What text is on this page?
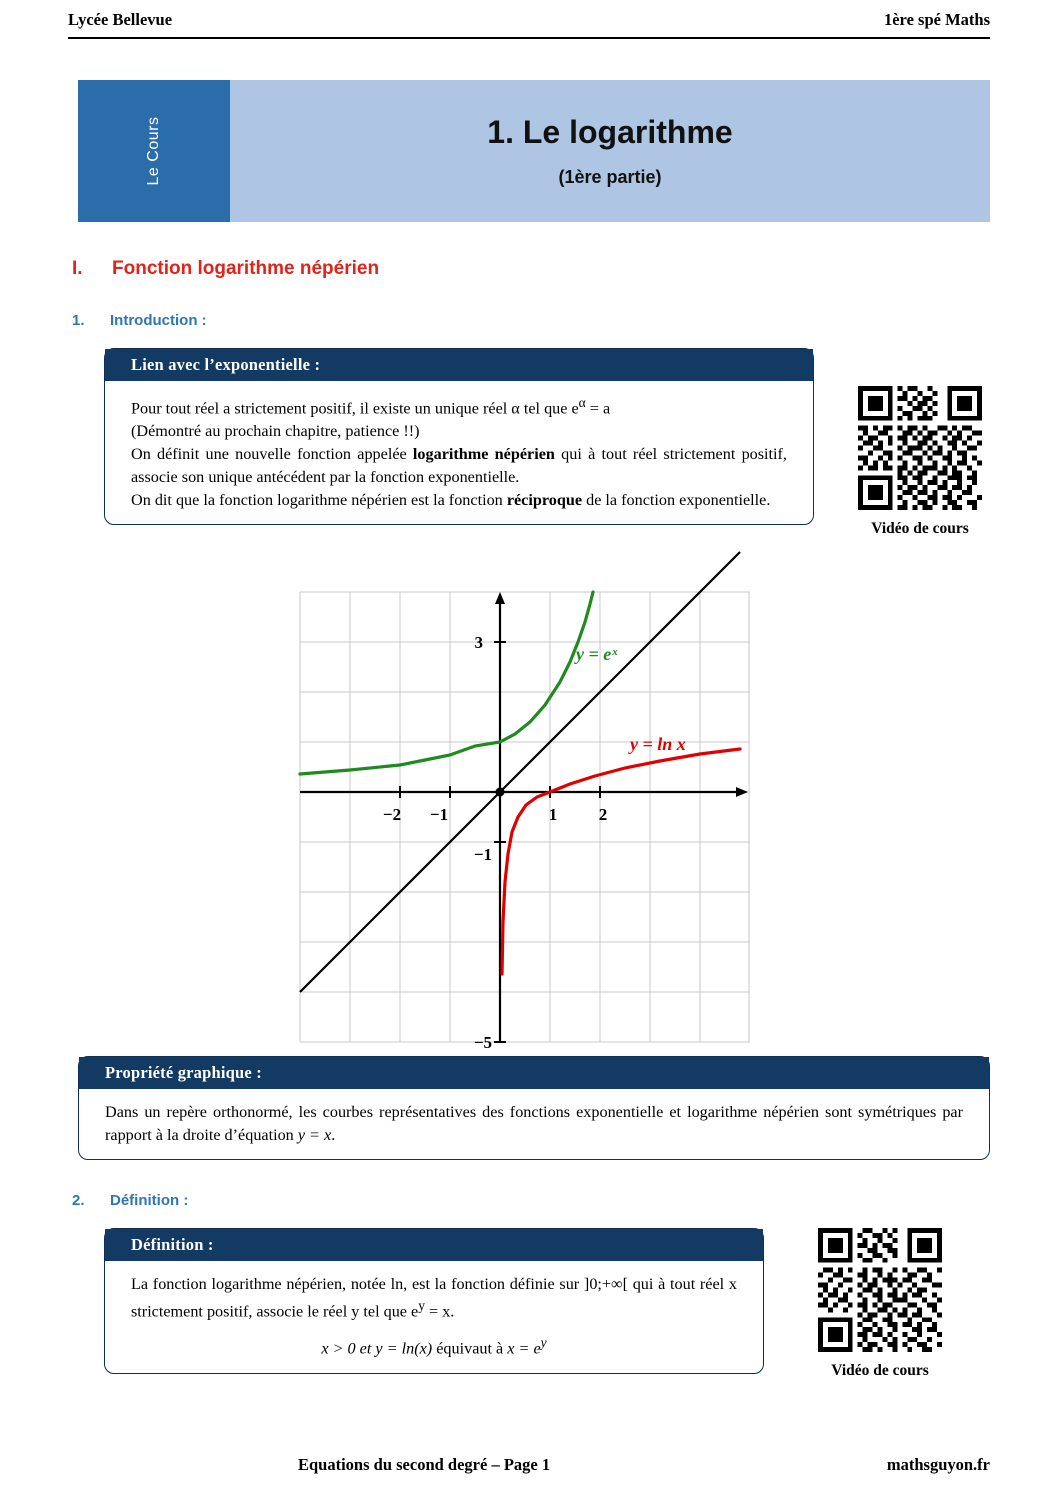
Lycée Bellevue	1ère spé Maths
Le Cours	1. Le logarithme
(1ère partie)
I.	Fonction logarithme népérien
1.	Introduction :
Lien avec l’exponentielle :
Pour tout réel a strictement positif, il existe un unique réel α tel que $e^\alpha = a$
(Démontré au prochain chapitre, patience !!)
On définit une nouvelle fonction appelée logarithme népérien qui à tout réel strictement positif, associe son unique antécédent par la fonction exponentielle.
On dit que la fonction logarithme népérien est la fonction réciproque de la fonction exponentielle.
Vidéo de cours
−2 −1	1 2
3
−1
−5
y = eˣ
y = ln x
Propriété graphique :
Dans un repère orthonormé, les courbes représentatives des fonctions exponentielle et logarithme népérien sont symétriques par rapport à la droite d’équation y = x.
2.	Définition :
Définition :
La fonction logarithme népérien, notée ln, est la fonction définie sur ]0;+∞[ qui à tout réel x strictement positif, associe le réel y tel que $e^y = x$.
x > 0 et y = ln(x) équivaut à $x = e^y$
Vidéo de cours
Equations du second degré – Page 1	mathsguyon.fr
